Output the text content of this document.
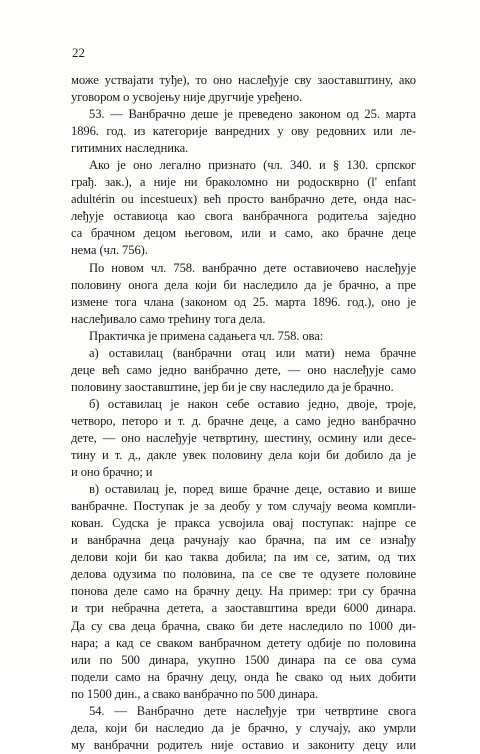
22
може уствајати туђе), то оно наслеђује сву заоставштину, ако
уговором о усвојењу није другчије уређено.
53. — Ванбрачно деше је преведено законом од 25. марта
1896. год. из категорије ванредних у ову редовних или ле-
гитимних наследника.
Ако је оно легално признато (чл. 340. и § 130. српског
грађ. зак.), а није ни браколомно ни родоскврно (l' enfant
adultérin ou incestueux) већ просто ванбрачно дете, онда нас-
леђује оставиоца као свога ванбрачнога родитеља заједно
са брачном децом његовом, или и само, ако брачне деце
нема (чл. 756).
По новом чл. 758. ванбрачно дете оставиочево наслеђује
половину онога дела који би наследило да је брачно, а пре
измене тога члана (законом од 25. марта 1896. год.), оно је
наслеђивало само трећину тога дела.
Практичка је примена садањега чл. 758. ова:
а) оставилац (ванбрачни отац или мати) нема брачне
деце већ само једно ванбрачно дете, — оно наслеђује само
половину заоставштине, јер би је сву наследило да је брачно.
б) оставилац је након себе оставио једно, двоје, троје,
четворо, петоро и т. д. брачне деце, а само једно ванбрачно
дете, — оно наслеђује четвртину, шестину, осмину или десе-
тину и т. д., дакле увек половину дела који би добило да је
и оно брачно; и
в) оставилац је, поред више брачне деце, оставио и више
ванбрачне. Поступак је за деобу у том случају веома компли-
кован. Судска је пракса усвојила овај поступак: најпре се
и ванбрачна деца рачунају као брачна, па им се изнађу
делови који би као таква добила; па им се, затим, од тих
делова одузима по половина, па се све те одузете половине
понова деле само на брачну децу. На пример: три су брачна
и три небрачна детета, а заоставштина вреди 6000 динара.
Да су сва деца брачна, свако би дете наследило по 1000 ди-
нара; а кад се сваком ванбрачном детету одбије по половина
или по 500 динара, укупно 1500 динара па се ова сума
подели само на брачну децу, онда ће свако од њих добити
по 1500 дин., а свако ванбрачно по 500 динара.
54. — Ванбрачно дете наслеђује три четвртине свога
дела, који би наследио да је брачно, у случају, ако умрли
му ванбрачни родитељ није оставио и закониту децу или
